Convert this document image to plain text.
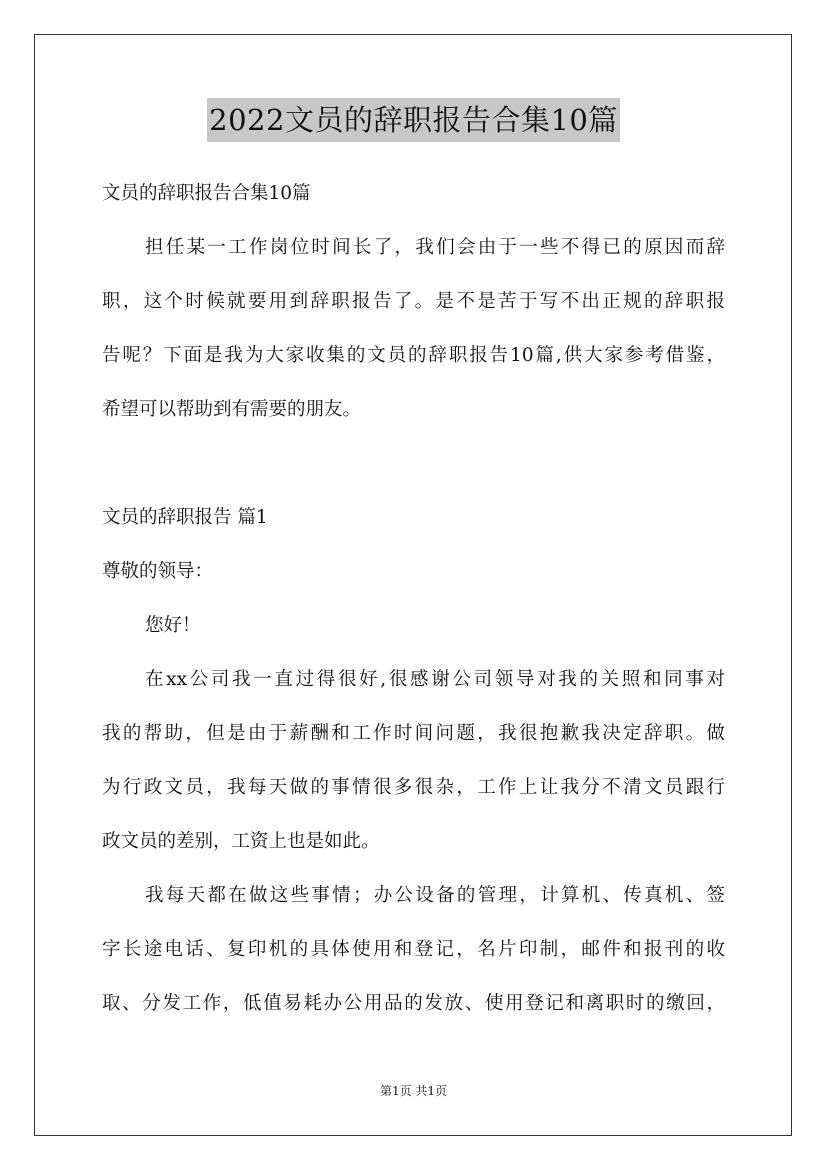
2022文员的辞职报告合集10篇
文员的辞职报告合集10篇
担任某一工作岗位时间长了，我们会由于一些不得已的原因而辞
职，这个时候就要用到辞职报告了。是不是苦于写不出正规的辞职报
告呢？下面是我为大家收集的文员的辞职报告10篇,供大家参考借鉴，
希望可以帮助到有需要的朋友。
文员的辞职报告 篇1
尊敬的领导：
您好！
在xx公司我一直过得很好,很感谢公司领导对我的关照和同事对
我的帮助，但是由于薪酬和工作时间问题，我很抱歉我决定辞职。做
为行政文员，我每天做的事情很多很杂，工作上让我分不清文员跟行
政文员的差别，工资上也是如此。
我每天都在做这些事情；办公设备的管理，计算机、传真机、签
字长途电话、复印机的具体使用和登记，名片印制，邮件和报刊的收
取、分发工作，低值易耗办公用品的发放、使用登记和离职时的缴回，
第1页 共1页
